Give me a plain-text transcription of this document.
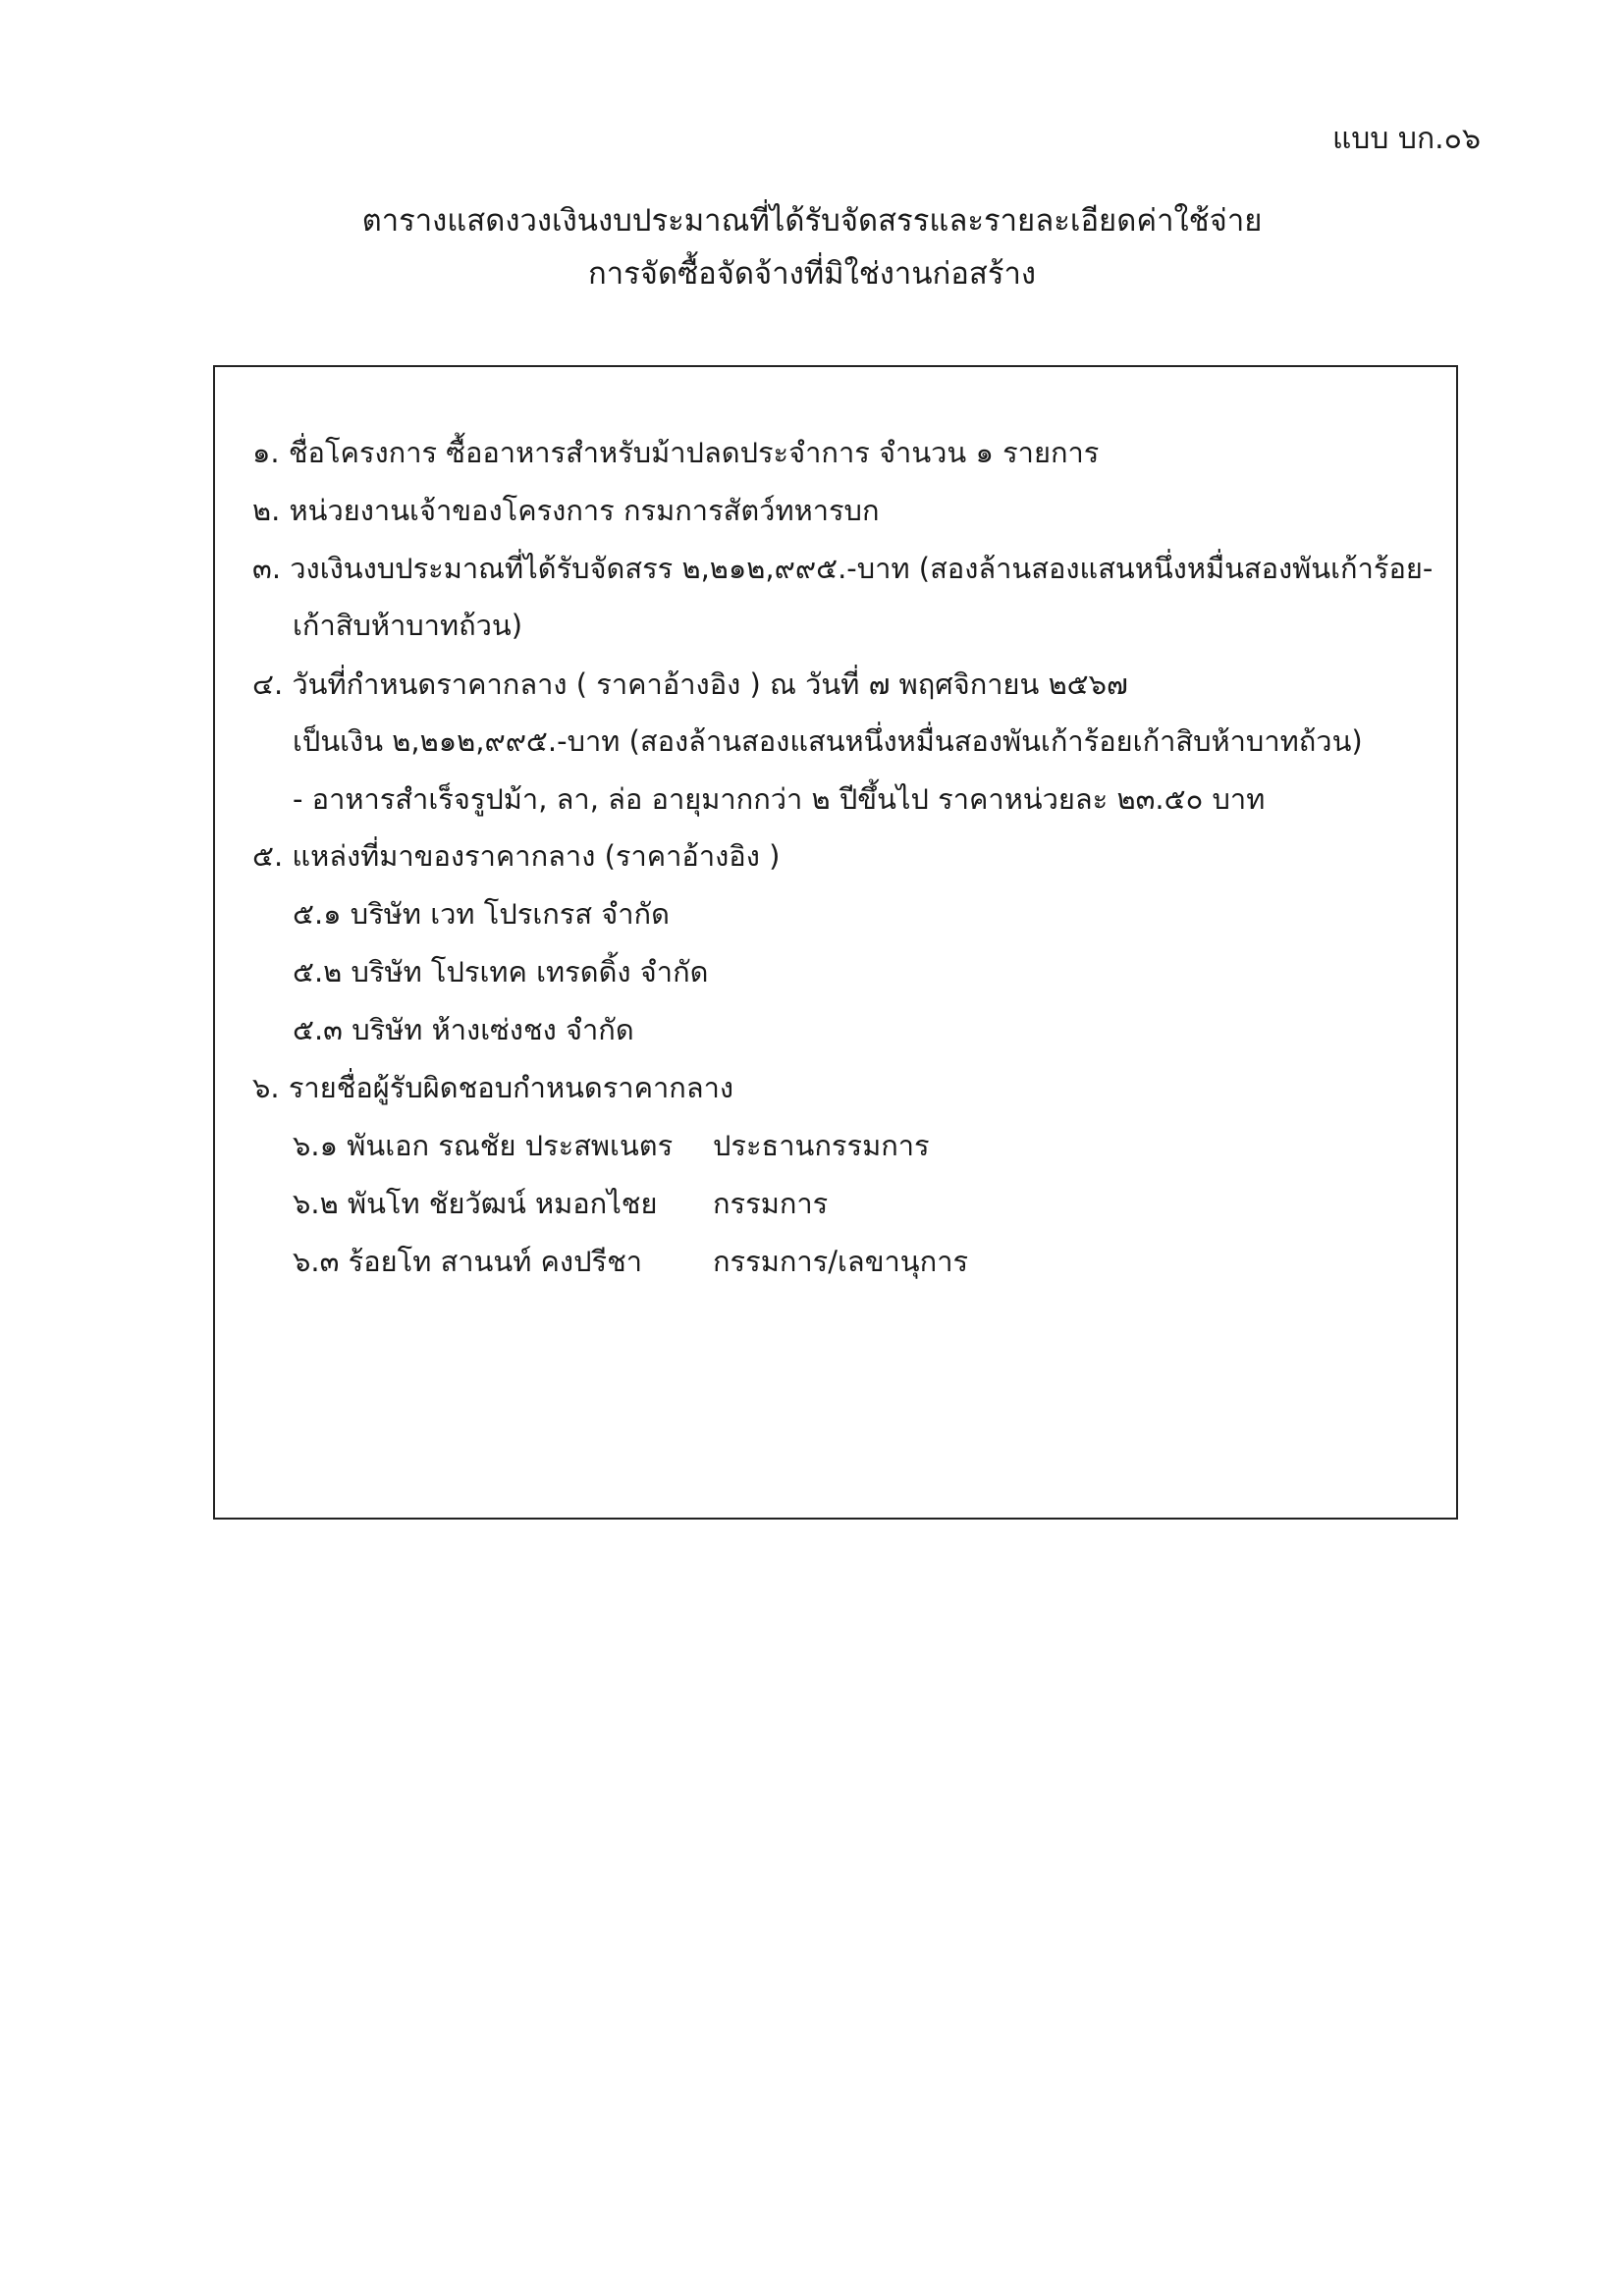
แบบ บก.๐๖
ตารางแสดงวงเงินงบประมาณที่ได้รับจัดสรรและรายละเอียดค่าใช้จ่าย
การจัดซื้อจัดจ้างที่มิใช่งานก่อสร้าง
๑. ชื่อโครงการ ซื้ออาหารสำหรับม้าปลดประจำการ จำนวน ๑ รายการ
๒. หน่วยงานเจ้าของโครงการ กรมการสัตว์ทหารบก
๓. วงเงินงบประมาณที่ได้รับจัดสรร ๒,๒๑๒,๙๙๕.-บาท (สองล้านสองแสนหนึ่งหมื่นสองพันเก้าร้อย-
เก้าสิบห้าบาทถ้วน)
๔. วันที่กำหนดราคากลาง ( ราคาอ้างอิง ) ณ วันที่ ๗ พฤศจิกายน ๒๕๖๗
เป็นเงิน ๒,๒๑๒,๙๙๕.-บาท (สองล้านสองแสนหนึ่งหมื่นสองพันเก้าร้อยเก้าสิบห้าบาทถ้วน)
- อาหารสำเร็จรูปม้า, ลา, ล่อ อายุมากกว่า ๒ ปีขึ้นไป ราคาหน่วยละ ๒๓.๕๐ บาท
๕. แหล่งที่มาของราคากลาง (ราคาอ้างอิง )
๕.๑ บริษัท เวท โปรเกรส จำกัด
๕.๒ บริษัท โปรเทค เทรดดิ้ง จำกัด
๕.๓ บริษัท ห้างเซ่งชง จำกัด
๖. รายชื่อผู้รับผิดชอบกำหนดราคากลาง
๖.๑ พันเอก รณชัย ประสพเนตร ประธานกรรมการ
๖.๒ พันโท ชัยวัฒน์ หมอกไชย กรรมการ
๖.๓ ร้อยโท สานนท์ คงปรีชา กรรมการ/เลขานุการ
